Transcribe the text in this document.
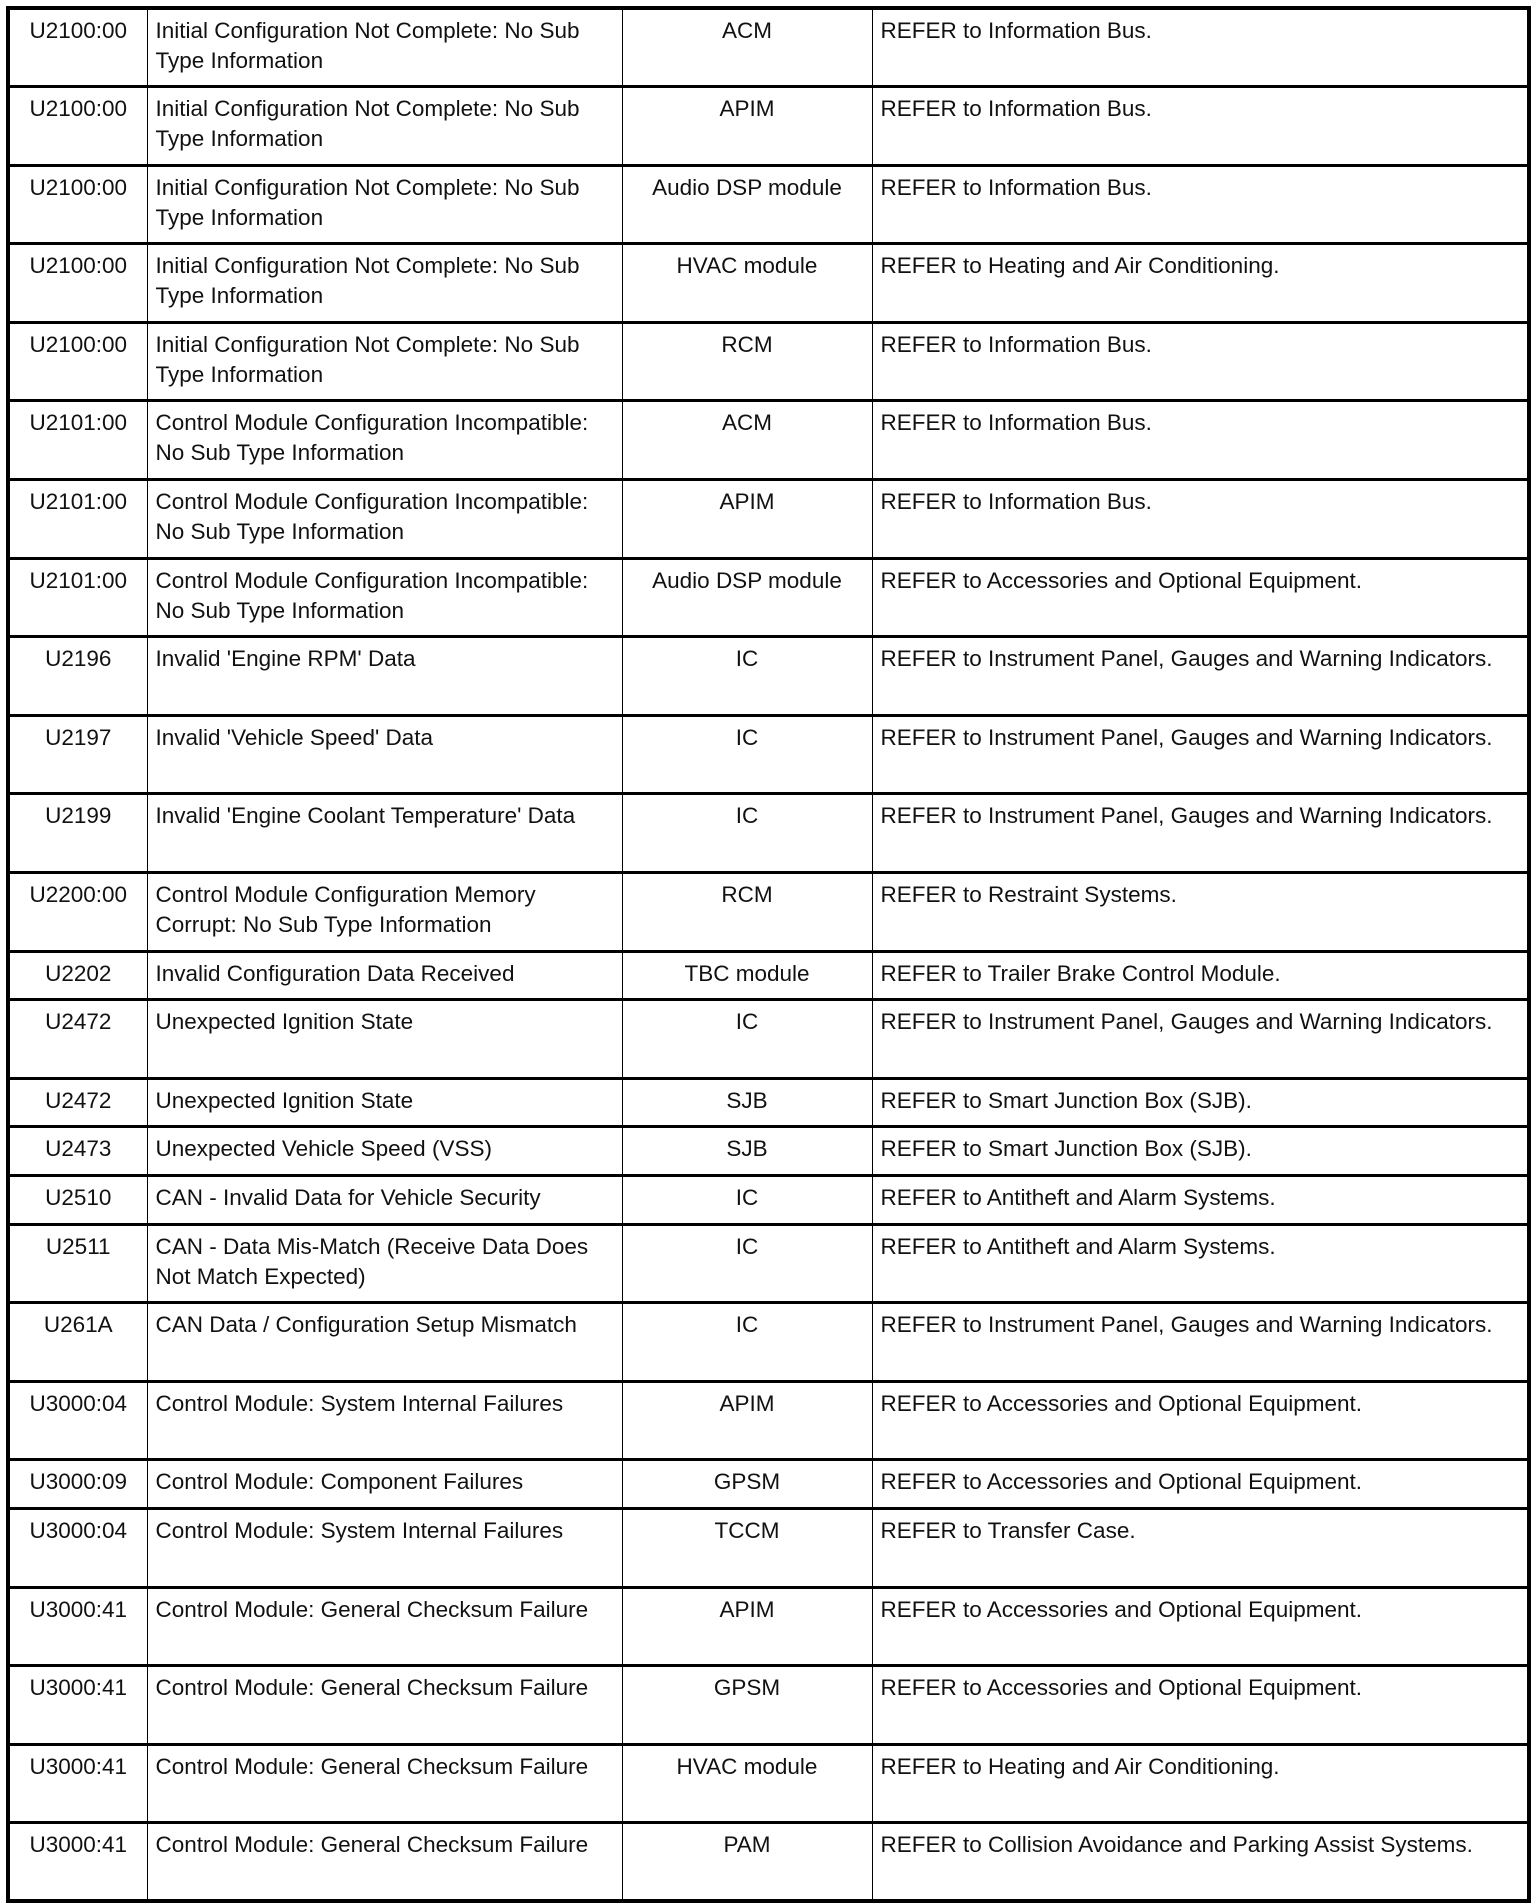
U2100:00	Initial Configuration Not Complete: No Sub Type Information	ACM	REFER to Information Bus.
U2100:00	Initial Configuration Not Complete: No Sub Type Information	APIM	REFER to Information Bus.
U2100:00	Initial Configuration Not Complete: No Sub Type Information	Audio DSP module	REFER to Information Bus.
U2100:00	Initial Configuration Not Complete: No Sub Type Information	HVAC module	REFER to Heating and Air Conditioning.
U2100:00	Initial Configuration Not Complete: No Sub Type Information	RCM	REFER to Information Bus.
U2101:00	Control Module Configuration Incompatible: No Sub Type Information	ACM	REFER to Information Bus.
U2101:00	Control Module Configuration Incompatible: No Sub Type Information	APIM	REFER to Information Bus.
U2101:00	Control Module Configuration Incompatible: No Sub Type Information	Audio DSP module	REFER to Accessories and Optional Equipment.
U2196	Invalid 'Engine RPM' Data	IC	REFER to Instrument Panel, Gauges and Warning Indicators.
U2197	Invalid 'Vehicle Speed' Data	IC	REFER to Instrument Panel, Gauges and Warning Indicators.
U2199	Invalid 'Engine Coolant Temperature' Data	IC	REFER to Instrument Panel, Gauges and Warning Indicators.
U2200:00	Control Module Configuration Memory Corrupt: No Sub Type Information	RCM	REFER to Restraint Systems.
U2202	Invalid Configuration Data Received	TBC module	REFER to Trailer Brake Control Module.
U2472	Unexpected Ignition State	IC	REFER to Instrument Panel, Gauges and Warning Indicators.
U2472	Unexpected Ignition State	SJB	REFER to Smart Junction Box (SJB).
U2473	Unexpected Vehicle Speed (VSS)	SJB	REFER to Smart Junction Box (SJB).
U2510	CAN - Invalid Data for Vehicle Security	IC	REFER to Antitheft and Alarm Systems.
U2511	CAN - Data Mis-Match (Receive Data Does Not Match Expected)	IC	REFER to Antitheft and Alarm Systems.
U261A	CAN Data / Configuration Setup Mismatch	IC	REFER to Instrument Panel, Gauges and Warning Indicators.
U3000:04	Control Module: System Internal Failures	APIM	REFER to Accessories and Optional Equipment.
U3000:09	Control Module: Component Failures	GPSM	REFER to Accessories and Optional Equipment.
U3000:04	Control Module: System Internal Failures	TCCM	REFER to Transfer Case.
U3000:41	Control Module: General Checksum Failure	APIM	REFER to Accessories and Optional Equipment.
U3000:41	Control Module: General Checksum Failure	GPSM	REFER to Accessories and Optional Equipment.
U3000:41	Control Module: General Checksum Failure	HVAC module	REFER to Heating and Air Conditioning.
U3000:41	Control Module: General Checksum Failure	PAM	REFER to Collision Avoidance and Parking Assist Systems.
